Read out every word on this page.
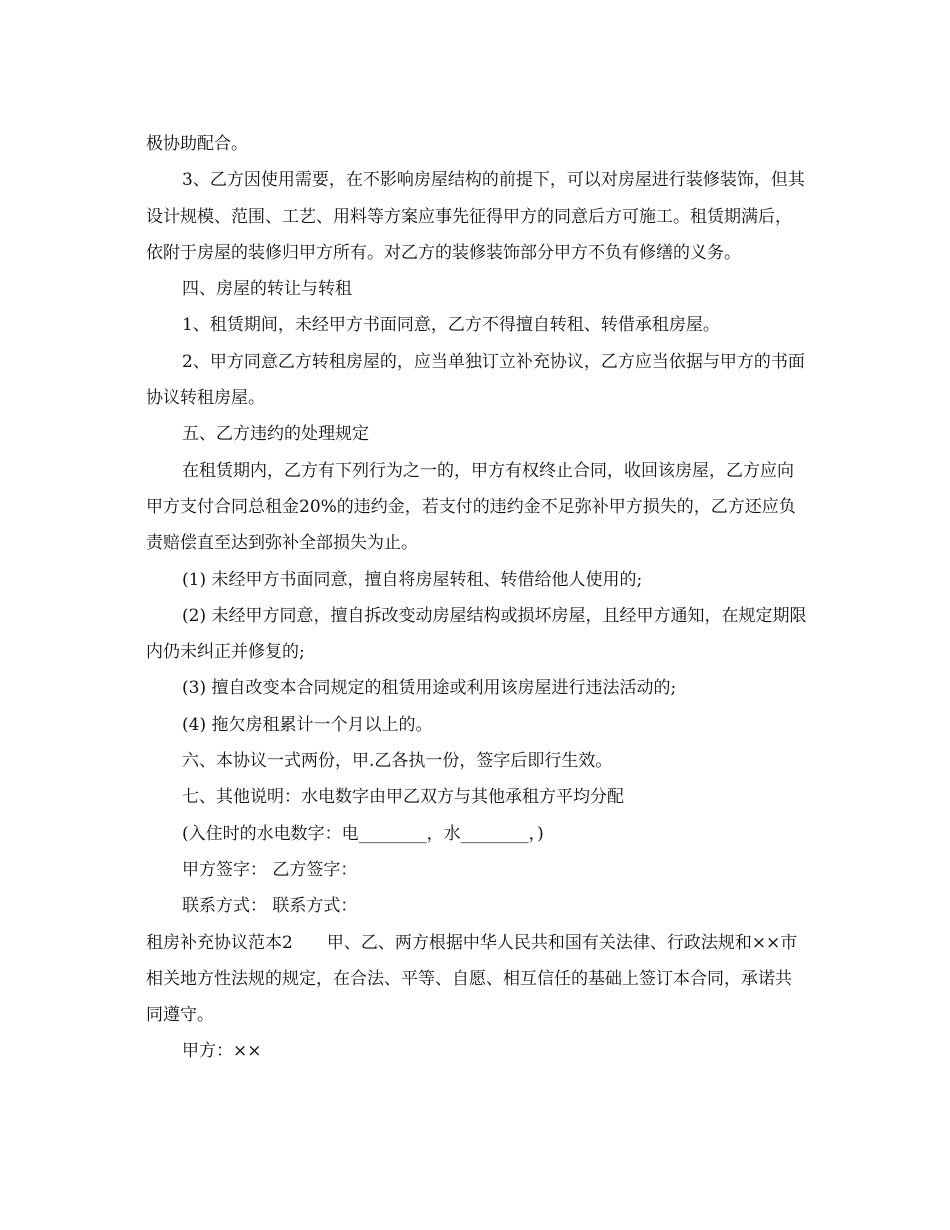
极协助配合。

3、乙方因使用需要，在不影响房屋结构的前提下，可以对房屋进行装修装饰，但其设计规模、范围、工艺、用料等方案应事先征得甲方的同意后方可施工。租赁期满后，依附于房屋的装修归甲方所有。对乙方的装修装饰部分甲方不负有修缮的义务。

四、房屋的转让与转租

1、租赁期间，未经甲方书面同意，乙方不得擅自转租、转借承租房屋。

2、甲方同意乙方转租房屋的，应当单独订立补充协议，乙方应当依据与甲方的书面协议转租房屋。

五、乙方违约的处理规定

在租赁期内，乙方有下列行为之一的，甲方有权终止合同，收回该房屋，乙方应向甲方支付合同总租金20%的违约金，若支付的违约金不足弥补甲方损失的，乙方还应负责赔偿直至达到弥补全部损失为止。

(1) 未经甲方书面同意，擅自将房屋转租、转借给他人使用的;

(2) 未经甲方同意，擅自拆改变动房屋结构或损坏房屋，且经甲方通知，在规定期限内仍未纠正并修复的;

(3) 擅自改变本合同规定的租赁用途或利用该房屋进行违法活动的;

(4) 拖欠房租累计一个月以上的。

六、本协议一式两份，甲.乙各执一份，签字后即行生效。

七、其他说明：水电数字由甲乙双方与其他承租方平均分配

(入住时的水电数字：电________，水________，)

甲方签字： 乙方签字：

联系方式： 联系方式：

租房补充协议范本2　　甲、乙、两方根据中华人民共和国有关法律、行政法规和××市相关地方性法规的规定，在合法、平等、自愿、相互信任的基础上签订本合同，承诺共同遵守。

甲方：××
